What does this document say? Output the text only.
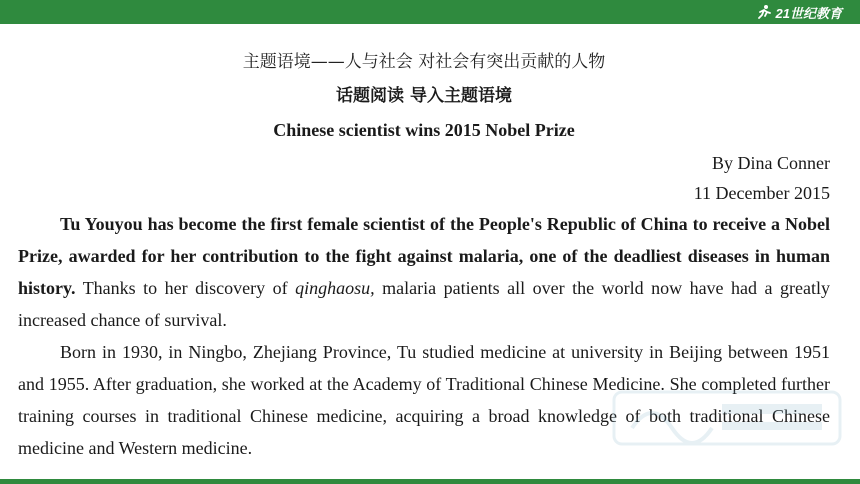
21世纪教育
主题语境——人与社会 对社会有突出贡献的人物
话题阅读 导入主题语境
Chinese scientist wins 2015 Nobel Prize
By Dina Conner
11 December 2015

Tu Youyou has become the first female scientist of the People's Republic of China to receive a Nobel Prize, awarded for her contribution to the fight against malaria, one of the deadliest diseases in human history. Thanks to her discovery of qinghaosu, malaria patients all over the world now have had a greatly increased chance of survival.

Born in 1930, in Ningbo, Zhejiang Province, Tu studied medicine at university in Beijing between 1951 and 1955. After graduation, she worked at the Academy of Traditional Chinese Medicine. She completed further training courses in traditional Chinese medicine, acquiring a broad knowledge of both traditional Chinese medicine and Western medicine.
